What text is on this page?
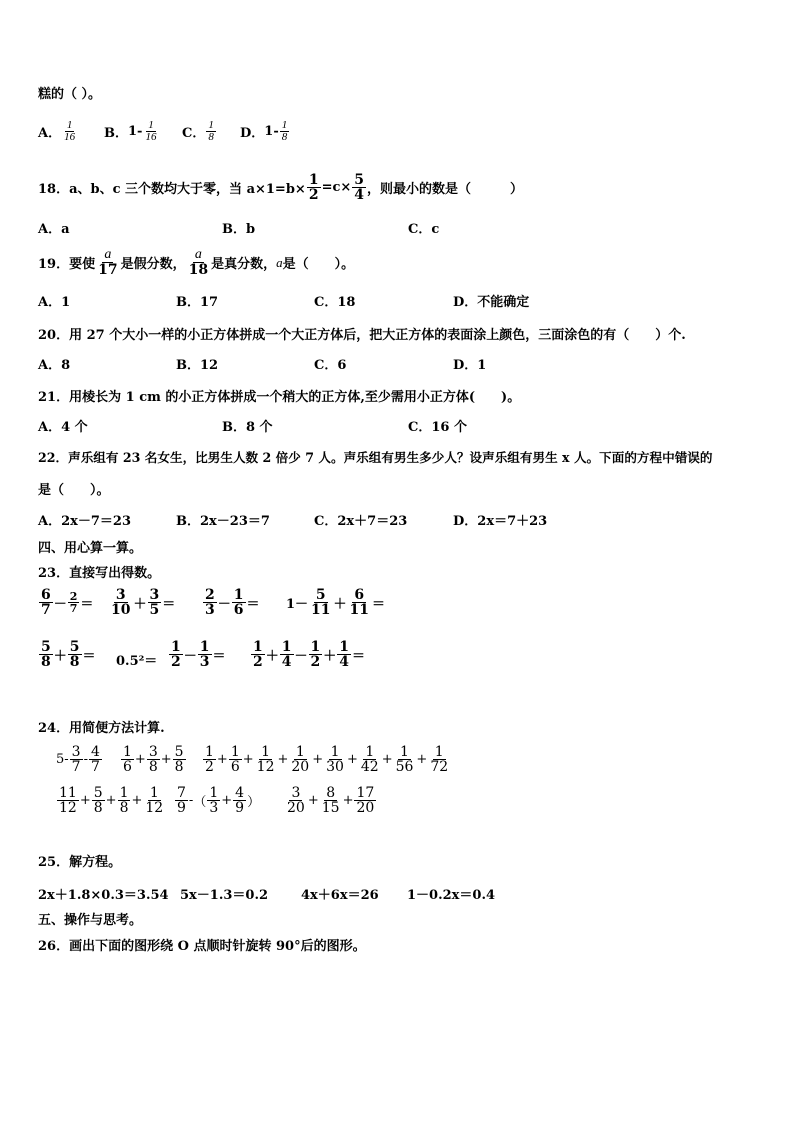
糕的（ ）。
A． $\frac{1}{16}$ B． $1- \frac{1}{16}$ C． $\frac{1}{8}$ D． $1- \frac{1}{8}$
18．a、b、c 三个数均大于零，当 $a\times 1=b\times \frac{1}{2} =c\times \frac{5}{4}$ ，则最小的数是（　　　）
A．a	B．b	C．c
19．要使 $\frac{a}{17}$ 是假分数， $\frac{a}{18}$ 是真分数， a 是（　　）。
A．1	B．17	C．18	D．不能确定
20．用 27 个大小一样的小正方体拼成一个大正方体后，把大正方体的表面涂上颜色，三面涂色的有（　　）个.
A．8	B．12	C．6	D．1
21．用棱长为 1 cm 的小正方体拼成一个稍大的正方体,至少需用小正方体(　　)。
A．4 个	B．8 个	C．16 个
22．声乐组有 23 名女生，比男生人数 2 倍少 7 人。声乐组有男生多少人？设声乐组有男生 x 人。下面的方程中错误的
是（　　）。
A．2x－7＝23	B．2x－23＝7	C．2x＋7＝23	D．2x＝7＋23
四、用心算一算。
23．直接写出得数。
$\frac{6}{7} - \frac{2}{7} = \frac{3}{10} + \frac{3}{5} = \frac{2}{3} - \frac{1}{6} = 1- \frac{5}{11} + \frac{6}{11}$ ＝
$\frac{5}{8} + \frac{5}{8} = 0.5^2= \frac{1}{2} - \frac{1}{3} = \frac{1}{2} + \frac{1}{4} - \frac{1}{2} + \frac{1}{4}$ ＝
24．用简便方法计算.
$5- \frac{3}{7} - \frac{4}{7} \frac{1}{6} + \frac{3}{8} + \frac{5}{8} \frac{1}{2} + \frac{1}{6} + \frac{1}{12} + \frac{1}{20} + \frac{1}{30} + \frac{1}{42} + \frac{1}{56} + \frac{1}{72}$
$\frac{11}{12} + \frac{5}{8} + \frac{1}{8} + \frac{1}{12} \frac{7}{9}$ - （ $\frac{1}{3} + \frac{4}{9}$ ） $\frac{3}{20} + \frac{8}{15} + \frac{17}{20}$
25．解方程。
2x＋1.8×0.3＝3.54 5x－1.3＝0.2	4x＋6x＝26 1－0.2x＝0.4
五、操作与思考。
26．画出下面的图形绕 O 点顺时针旋转 90°后的图形。
